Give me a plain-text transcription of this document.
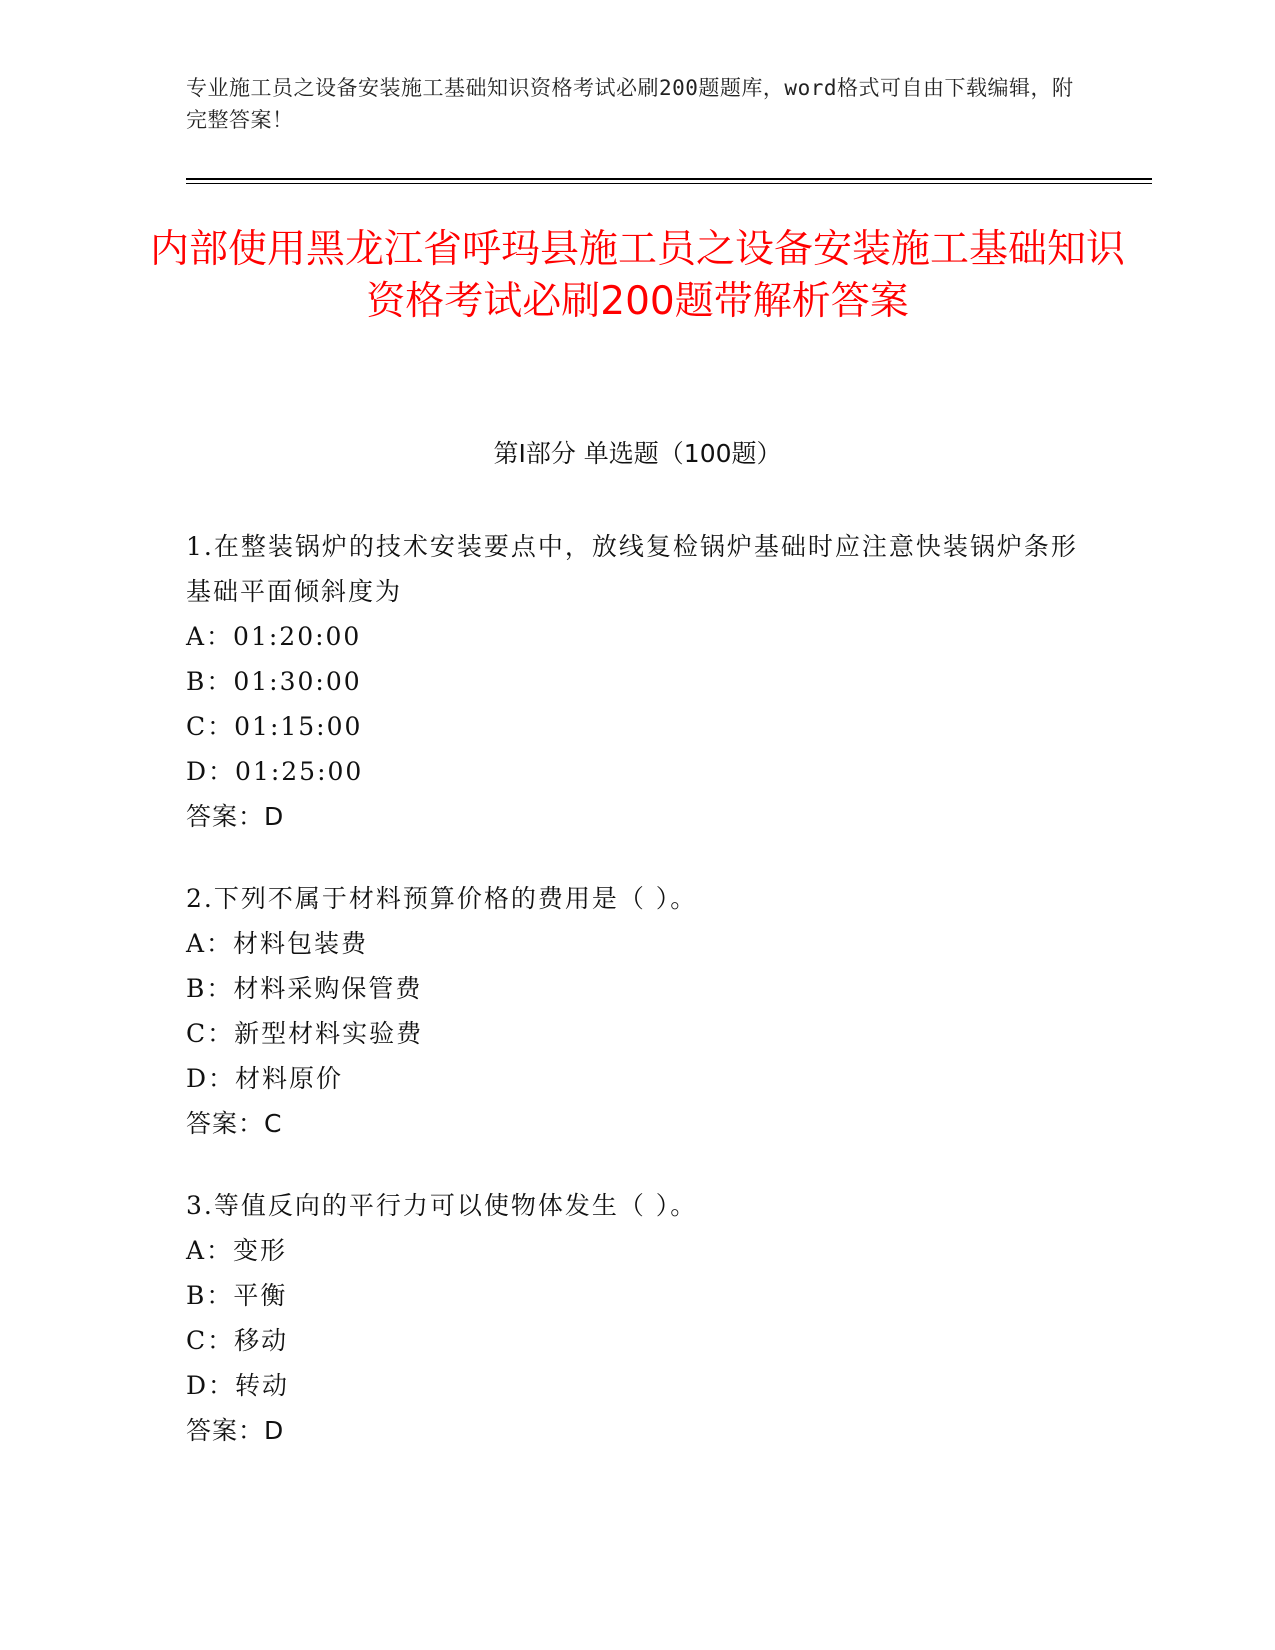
专业施工员之设备安装施工基础知识资格考试必刷200题题库，word格式可自由下载编辑，附完整答案！
内部使用黑龙江省呼玛县施工员之设备安装施工基础知识资格考试必刷200题带解析答案
第I部分 单选题（100题）
1.在整装锅炉的技术安装要点中，放线复检锅炉基础时应注意快装锅炉条形基础平面倾斜度为
A：01:20:00
B：01:30:00
C：01:15:00
D：01:25:00
答案：D
2.下列不属于材料预算价格的费用是（ ）。
A：材料包装费
B：材料采购保管费
C：新型材料实验费
D：材料原价
答案：C
3.等值反向的平行力可以使物体发生（ ）。
A：变形
B：平衡
C：移动
D：转动
答案：D
